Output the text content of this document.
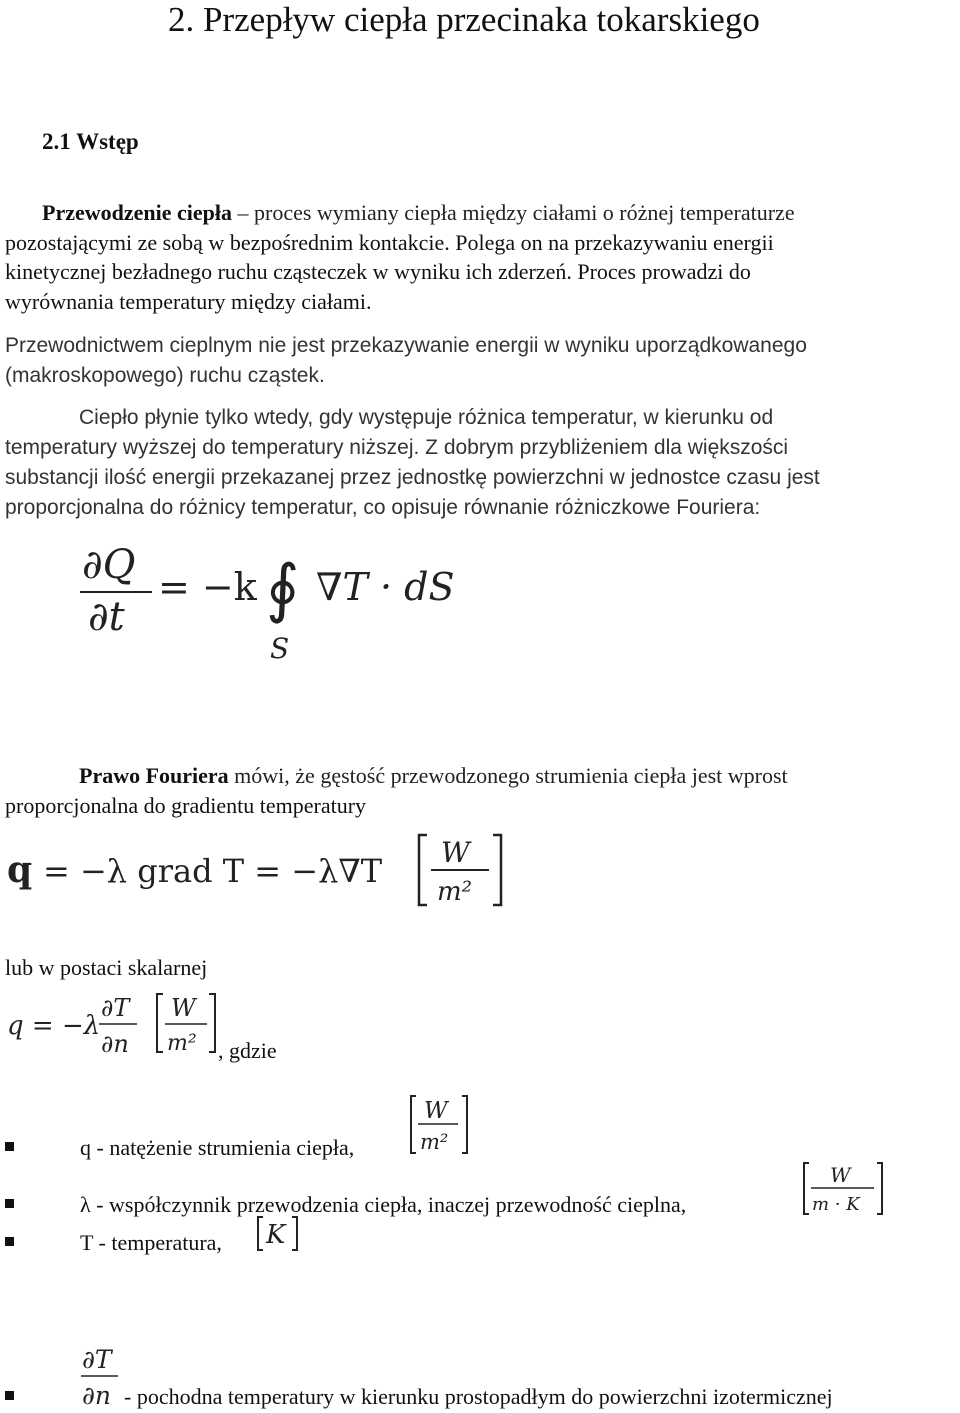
2. Przepływ ciepła przecinaka tokarskiego
2.1 Wstęp
Przewodzenie ciepła – proces wymiany ciepła między ciałami o różnej temperaturze
pozostającymi ze sobą w bezpośrednim kontakcie. Polega on na przekazywaniu energii
kinetycznej bezładnego ruchu cząsteczek w wyniku ich zderzeń. Proces prowadzi do
wyrównania temperatury między ciałami.
Przewodnictwem cieplnym nie jest przekazywanie energii w wyniku uporządkowanego
(makroskopowego) ruchu cząstek.
Ciepło płynie tylko wtedy, gdy występuje różnica temperatur, w kierunku od
temperatury wyższej do temperatury niższej. Z dobrym przybliżeniem dla większości
substancji ilość energii przekazanej przez jednostkę powierzchni w jednostce czasu jest
proporcjonalna do różnicy temperatur, co opisuje równanie różniczkowe Fouriera:
∂Q
∂t
= −k ∮
S
∇T · dS
Prawo Fouriera mówi, że gęstość przewodzonego strumienia ciepła jest wprost
proporcjonalna do gradientu temperatury
q = −λ grad T = −λ∇T W
m²
lub w postaci skalarnej
q = −λ
∂T
∂n
W
m² , gdzie
q - natężenie strumienia ciepła,
W
m²
λ - współczynnik przewodzenia ciepła, inaczej przewodność cieplna,
W
m · K
T - temperatura, K
∂T
∂n - pochodna temperatury w kierunku prostopadłym do powierzchni izotermicznej
